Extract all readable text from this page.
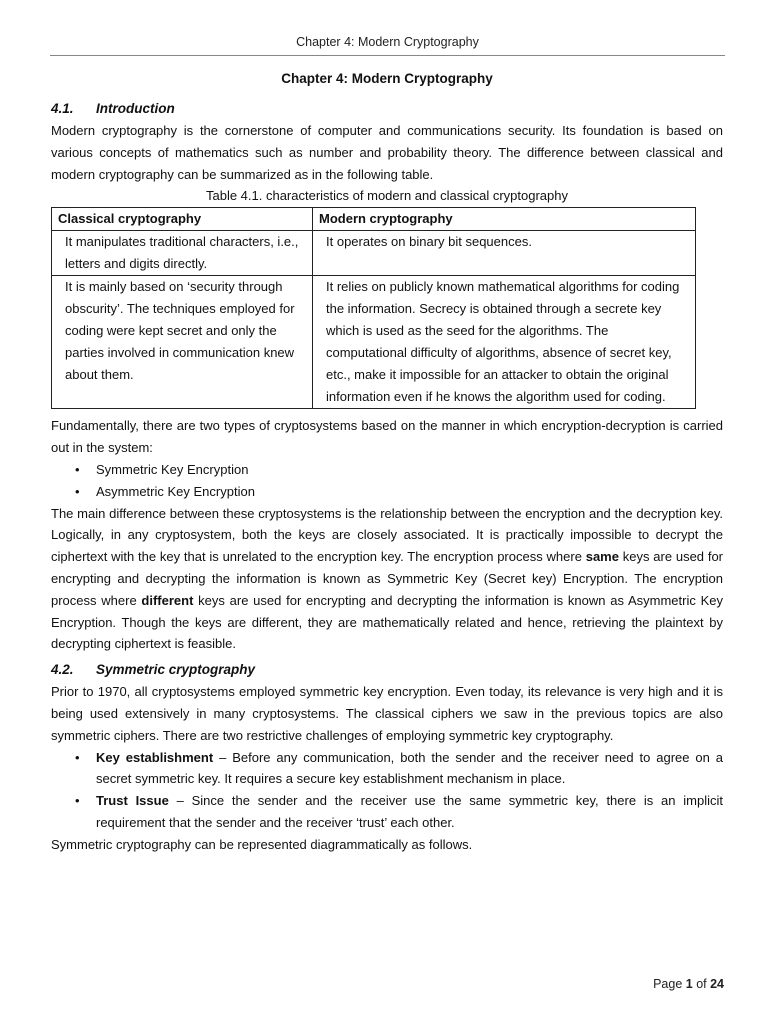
Chapter 4: Modern Cryptography
Chapter 4: Modern Cryptography
4.1. Introduction

Modern cryptography is the cornerstone of computer and communications security. Its foundation is based on various concepts of mathematics such as number and probability theory. The difference between classical and modern cryptography can be summarized as in the following table.

Table 4.1. characteristics of modern and classical cryptography
Classical cryptography	Modern cryptography
It manipulates traditional characters, i.e., letters and digits directly.	It operates on binary bit sequences.
It is mainly based on ‘security through obscurity’. The techniques employed for coding were kept secret and only the parties involved in communication knew about them.	It relies on publicly known mathematical algorithms for coding the information. Secrecy is obtained through a secrete key which is used as the seed for the algorithms. The computational difficulty of algorithms, absence of secret key, etc., make it impossible for an attacker to obtain the original information even if he knows the algorithm used for coding.

Fundamentally, there are two types of cryptosystems based on the manner in which encryption-decryption is carried out in the system:

• Symmetric Key Encryption
• Asymmetric Key Encryption

The main difference between these cryptosystems is the relationship between the encryption and the decryption key. Logically, in any cryptosystem, both the keys are closely associated. It is practically impossible to decrypt the ciphertext with the key that is unrelated to the encryption key. The encryption process where same keys are used for encrypting and decrypting the information is known as Symmetric Key (Secret key) Encryption. The encryption process where different keys are used for encrypting and decrypting the information is known as Asymmetric Key Encryption. Though the keys are different, they are mathematically related and hence, retrieving the plaintext by decrypting ciphertext is feasible.

4.2. Symmetric cryptography

Prior to 1970, all cryptosystems employed symmetric key encryption. Even today, its relevance is very high and it is being used extensively in many cryptosystems. The classical ciphers we saw in the previous topics are also symmetric ciphers. There are two restrictive challenges of employing symmetric key cryptography.

• Key establishment – Before any communication, both the sender and the receiver need to agree on a secret symmetric key. It requires a secure key establishment mechanism in place.
• Trust Issue – Since the sender and the receiver use the same symmetric key, there is an implicit requirement that the sender and the receiver ‘trust’ each other.

Symmetric cryptography can be represented diagrammatically as follows.

Page 1 of 24
